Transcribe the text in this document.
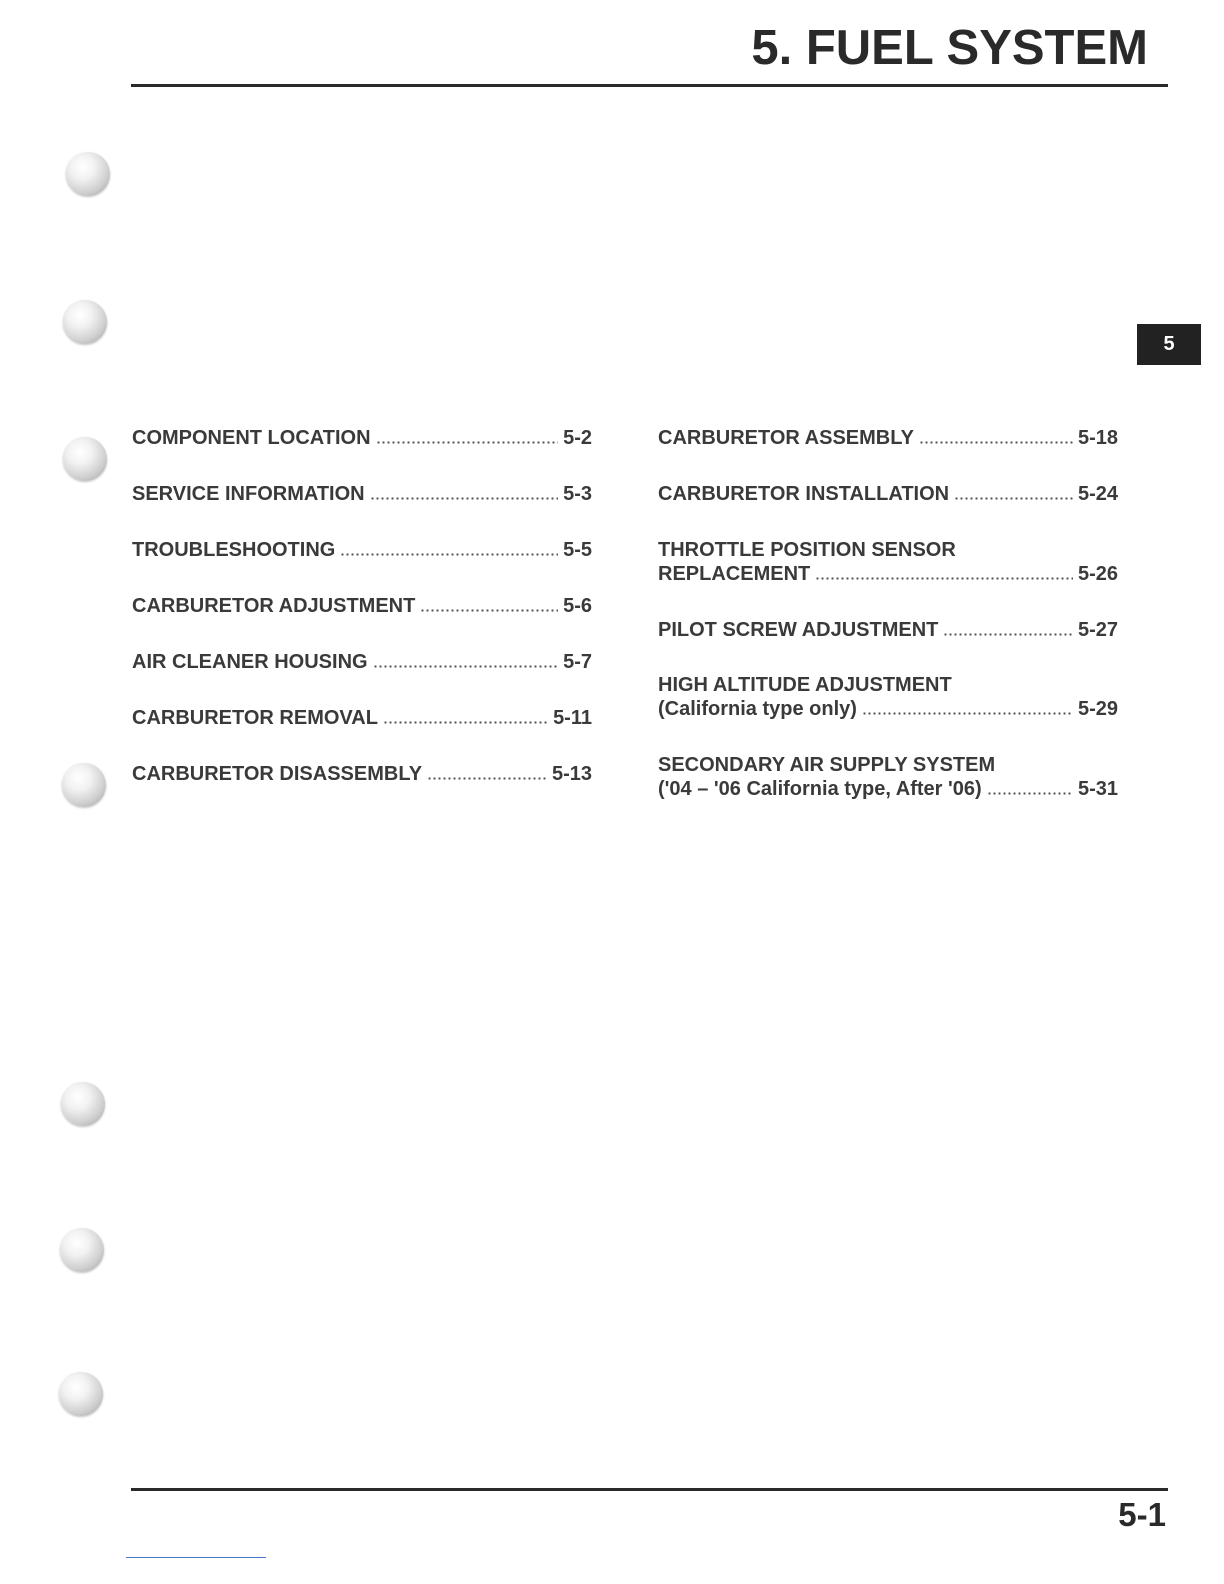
5. FUEL SYSTEM
5
COMPONENT LOCATION	5-2
SERVICE INFORMATION	5-3
TROUBLESHOOTING	5-5
CARBURETOR ADJUSTMENT	5-6
AIR CLEANER HOUSING	5-7
CARBURETOR REMOVAL	5-11
CARBURETOR DISASSEMBLY	5-13
CARBURETOR ASSEMBLY	5-18
CARBURETOR INSTALLATION	5-24
THROTTLE POSITION SENSOR
REPLACEMENT	5-26
PILOT SCREW ADJUSTMENT	5-27
HIGH ALTITUDE ADJUSTMENT
(California type only)	5-29
SECONDARY AIR SUPPLY SYSTEM
('04 – '06 California type, After '06)	5-31
5-1
